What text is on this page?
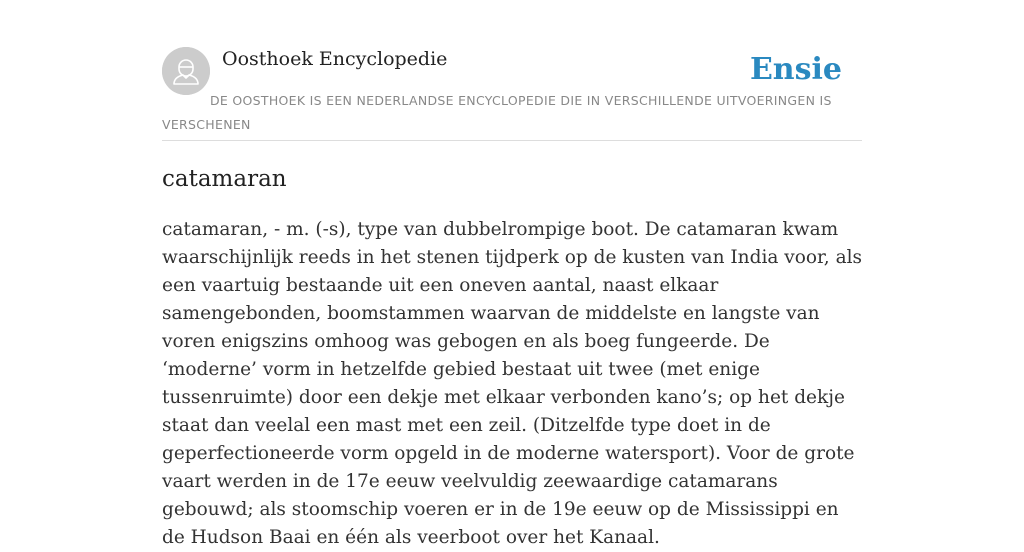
Oosthoek Encyclopedie	Ensie
DE OOSTHOEK IS EEN NEDERLANDSE ENCYCLOPEDIE DIE IN VERSCHILLENDE UITVOERINGEN IS VERSCHENEN
catamaran

catamaran, - m. (-s), type van dubbelrompige boot. De catamaran kwam waarschijnlijk reeds in het stenen tijdperk op de kusten van India voor, als een vaartuig bestaande uit een oneven aantal, naast elkaar samengebonden, boomstammen waarvan de middelste en langste van voren enigszins omhoog was gebogen en als boeg fungeerde. De ‘moderne’ vorm in hetzelfde gebied bestaat uit twee (met enige tussenruimte) door een dekje met elkaar verbonden kano’s; op het dekje staat dan veelal een mast met een zeil. (Ditzelfde type doet in de geperfectioneerde vorm opgeld in de moderne watersport). Voor de grote vaart werden in de 17e eeuw veelvuldig zeewaardige catamarans gebouwd; als stoomschip voeren er in de 19e eeuw op de Mississippi en de Hudson Baai en één als veerboot over het Kanaal.
